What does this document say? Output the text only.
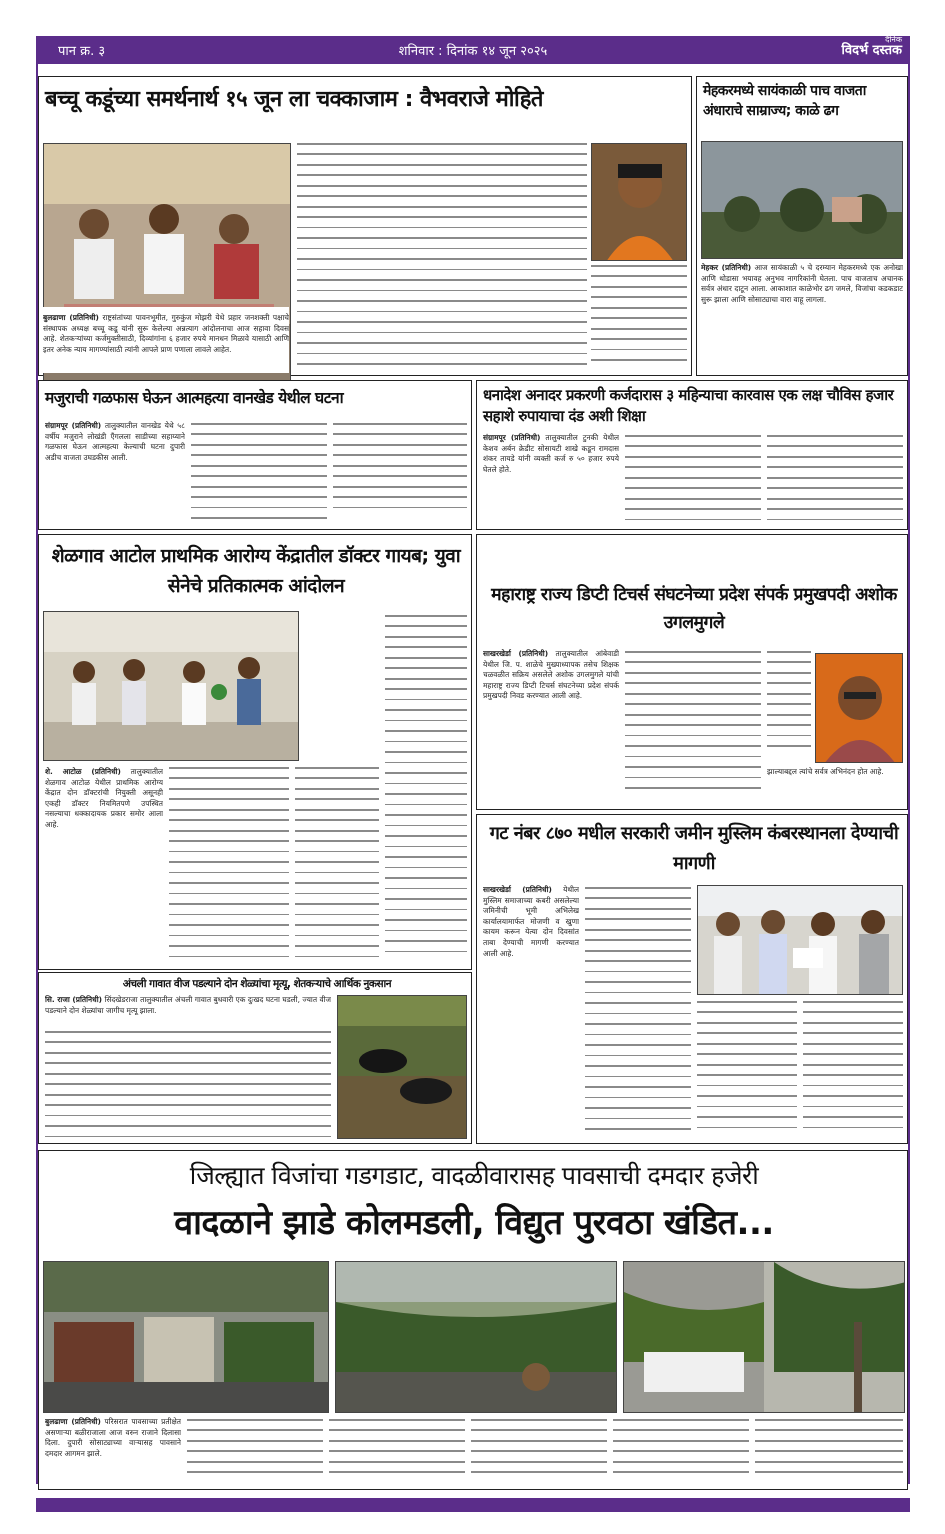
पान क्र. ३	शनिवार : दिनांक १४ जून २०२५
दैनिक
विदर्भ दस्तक
बच्चू कडूंच्या समर्थनार्थ १५ जून ला चक्काजाम : वैभवराजे मोहिते
बुलढाणा (प्रतिनिधी) राष्ट्रसंतांच्या पावनभूमीत, गुरुकुंज मोझरी येथे प्रहार जनशक्ती पक्षाचे संस्थापक अध्यक्ष बच्चू कडू यांनी सुरू केलेल्या अन्नत्याग आंदोलनाचा आज सहावा दिवस आहे. शेतकऱ्यांच्या कर्जमुक्तीसाठी, दिव्यांगांना ६ हजार रुपये मानधन मिळावे यासाठी आणि इतर अनेक न्याय मागण्यांसाठी त्यांनी आपले प्राण पणाला लावले आहेत.
मेहकरमध्ये सायंकाळी पाच वाजता अंधाराचे साम्राज्य; काळे ढग
मेहकर (प्रतिनिधी) आज सायंकाळी ५ चे दरम्यान मेहकरमध्ये एक अनोखा आणि थोडासा भयावह अनुभव नागरिकांनी घेतला. पाच वाजताच अचानक सर्वत्र अंधार दाटून आला. आकाशात काळेभोर ढग जमले, विजांचा कडकडाट सुरू झाला आणि सोसाट्याचा वारा वाहू लागला.
मजुराची गळफास घेऊन आत्महत्या वानखेड येथील घटना
संग्रामपूर (प्रतिनिधी) तालुक्यातील वानखेड येथे ५८ वर्षीय मजुराने लोखंडी ऍंगलला साडीच्या सहाय्याने गळफास घेऊन आत्महत्या केल्याची घटना दुपारी अडीच वाजता उघडकीस आली.
धनादेश अनादर प्रकरणी कर्जदारास ३ महिन्याचा कारवास एक लक्ष चौविस हजार सहाशे रुपायाचा दंड अशी शिक्षा
संग्रामपूर (प्रतिनिधी) तालुक्यातील टुनकी येथील केशव अर्बन क्रेडीट सोसायटी शाखे कडून रामदास शंकर तायडे यांनी व्यक्ती कर्ज रु ५० हजार रुपये घेतले होते.
शेळगाव आटोल प्राथमिक आरोग्य केंद्रातील डॉक्टर गायब; युवा सेनेचे प्रतिकात्मक आंदोलन
शे. आटोळ (प्रतिनिधी) तालुक्यातील शेळगाव आटोळ येथील प्राथमिक आरोग्य केंद्रात दोन डॉक्टरांची नियुक्ती असूनही एकही डॉक्टर नियमितपणे उपस्थित नसल्याचा धक्कादायक प्रकार समोर आला आहे.
महाराष्ट्र राज्य डिप्टी टिचर्स संघटनेच्या प्रदेश संपर्क प्रमुखपदी अशोक उगलमुगले
साखरखेर्डा (प्रतिनिधी) तालुक्यातील आंबेवाडी येथील जि. प. शाळेचे मुख्याध्यापक तसेच शिक्षक चळवळीत सक्रिय असलेले अशोक उगलमुगले यांची महाराष्ट्र राज्य डिप्टी टिचर्स संघटनेच्या प्रदेश संपर्क प्रमुखपदी निवड करण्यात आली आहे.
झाल्याबद्दल त्यांचे सर्वत्र अभिनंदन होत आहे.
गट नंबर ८७० मधील सरकारी जमीन मुस्लिम कंबरस्थानला देण्याची मागणी
साखरखेर्डा (प्रतिनिधी) येथील मुस्लिम समाजाच्या कबरी असलेल्या जमिनीची भूमी अभिलेख कार्यालयामार्फत मोजणी व खुणा कायम करून येत्या दोन दिवसांत ताबा देण्याची मागणी करण्यात आली आहे.
अंचली गावात वीज पडल्याने दोन शेळ्यांचा मृत्यू, शेतकऱ्याचे आर्थिक नुकसान
सि. राजा (प्रतिनिधी) सिंदखेडराजा तालुक्यातील अंचली गावात बुधवारी एक दुःखद घटना घडली, ज्यात वीज पडल्याने दोन शेळ्यांचा जागीच मृत्यू झाला.
जिल्ह्यात विजांचा गडगडाट, वादळीवारासह पावसाची दमदार हजेरी
वादळाने झाडे कोलमडली, विद्युत पुरवठा खंडित...
बुलढाणा (प्रतिनिधी) परिसरात पावसाच्या प्रतीक्षेत असणाऱ्या बळीराजाला आज वरुन राजाने दिलासा दिला. दुपारी सोसाट्याच्या वाऱ्यासह पावसाने दमदार आगमन झाले.
